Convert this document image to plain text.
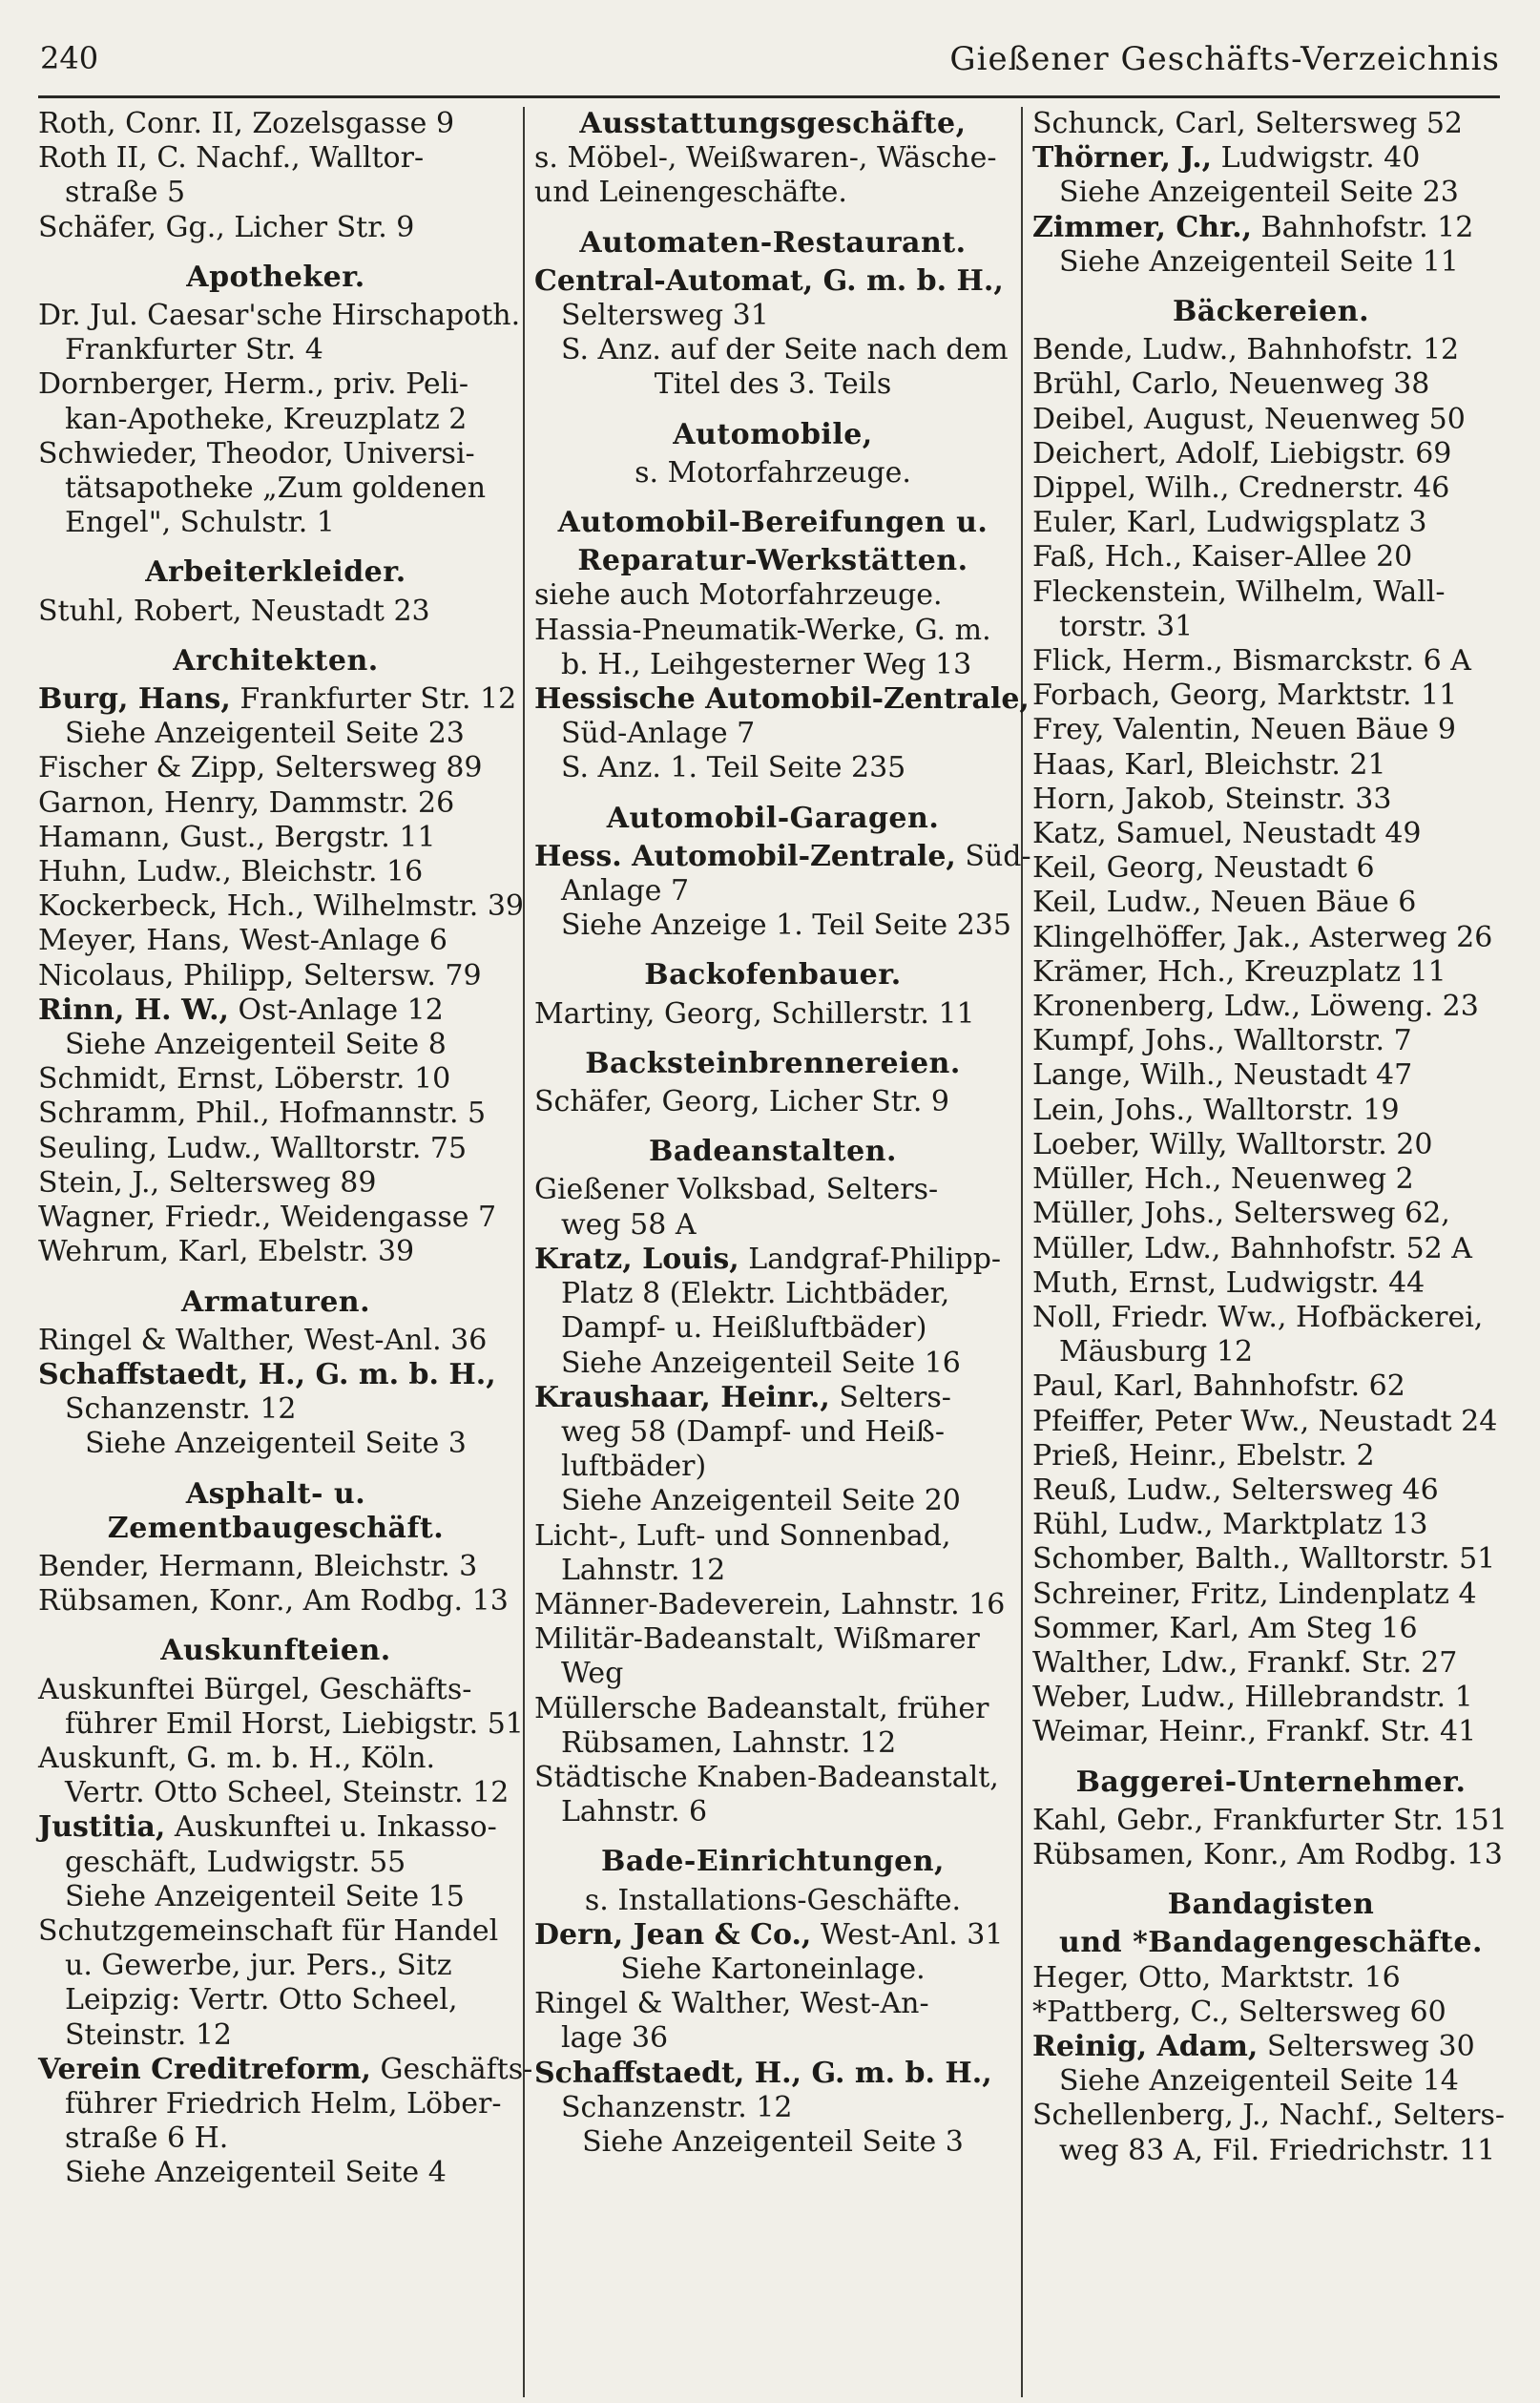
240	Gießener Geschäfts-Verzeichnis
Roth, Conr. II, Zozelsgasse 9
Roth II, C. Nachf., Walltor-
straße 5
Schäfer, Gg., Licher Str. 9
Apotheker.
Dr. Jul. Caesar'sche Hirschapoth.
Frankfurter Str. 4
Dornberger, Herm., priv. Peli-
kan-Apotheke, Kreuzplatz 2
Schwieder, Theodor, Universi-
tätsapotheke „Zum goldenen
Engel", Schulstr. 1
Arbeiterkleider.
Stuhl, Robert, Neustadt 23
Architekten.
Burg, Hans, Frankfurter Str. 12
Siehe Anzeigenteil Seite 23
Fischer & Zipp, Seltersweg 89
Garnon, Henry, Dammstr. 26
Hamann, Gust., Bergstr. 11
Huhn, Ludw., Bleichstr. 16
Kockerbeck, Hch., Wilhelmstr. 39
Meyer, Hans, West-Anlage 6
Nicolaus, Philipp, Seltersw. 79
Rinn, H. W., Ost-Anlage 12
Siehe Anzeigenteil Seite 8
Schmidt, Ernst, Löberstr. 10
Schramm, Phil., Hofmannstr. 5
Seuling, Ludw., Walltorstr. 75
Stein, J., Seltersweg 89
Wagner, Friedr., Weidengasse 7
Wehrum, Karl, Ebelstr. 39
Armaturen.
Ringel & Walther, West-Anl. 36
Schaffstaedt, H., G. m. b. H.,
Schanzenstr. 12
Siehe Anzeigenteil Seite 3
Asphalt- u. Zementbaugeschäft.
Bender, Hermann, Bleichstr. 3
Rübsamen, Konr., Am Rodbg. 13
Auskunfteien.
Auskunftei Bürgel, Geschäfts-
führer Emil Horst, Liebigstr. 51
Auskunft, G. m. b. H., Köln.
Vertr. Otto Scheel, Steinstr. 12
Justitia, Auskunftei u. Inkasso-
geschäft, Ludwigstr. 55
Siehe Anzeigenteil Seite 15
Schutzgemeinschaft für Handel
u. Gewerbe, jur. Pers., Sitz
Leipzig: Vertr. Otto Scheel,
Steinstr. 12
Verein Creditreform, Geschäfts-
führer Friedrich Helm, Löber-
straße 6 H.
Siehe Anzeigenteil Seite 4
Ausstattungsgeschäfte,
s. Möbel-, Weißwaren-, Wäsche-
und Leinengeschäfte.
Automaten-Restaurant.
Central-Automat, G. m. b. H.,
Seltersweg 31
S. Anz. auf der Seite nach dem
Titel des 3. Teils
Automobile,
s. Motorfahrzeuge.
Automobil-Bereifungen u.
Reparatur-Werkstätten.
siehe auch Motorfahrzeuge.
Hassia-Pneumatik-Werke, G. m.
b. H., Leihgesterner Weg 13
Hessische Automobil-Zentrale,
Süd-Anlage 7
S. Anz. 1. Teil Seite 235
Automobil-Garagen.
Hess. Automobil-Zentrale, Süd-
Anlage 7
Siehe Anzeige 1. Teil Seite 235
Backofenbauer.
Martiny, Georg, Schillerstr. 11
Backsteinbrennereien.
Schäfer, Georg, Licher Str. 9
Badeanstalten.
Gießener Volksbad, Selters-
weg 58 A
Kratz, Louis, Landgraf-Philipp-
Platz 8 (Elektr. Lichtbäder,
Dampf- u. Heißluftbäder)
Siehe Anzeigenteil Seite 16
Kraushaar, Heinr., Selters-
weg 58 (Dampf- und Heiß-
luftbäder)
Siehe Anzeigenteil Seite 20
Licht-, Luft- und Sonnenbad,
Lahnstr. 12
Männer-Badeverein, Lahnstr. 16
Militär-Badeanstalt, Wißmarer
Weg
Müllersche Badeanstalt, früher
Rübsamen, Lahnstr. 12
Städtische Knaben-Badeanstalt,
Lahnstr. 6
Bade-Einrichtungen,
s. Installations-Geschäfte.
Dern, Jean & Co., West-Anl. 31
Siehe Kartoneinlage.
Ringel & Walther, West-An-
lage 36
Schaffstaedt, H., G. m. b. H.,
Schanzenstr. 12
Siehe Anzeigenteil Seite 3
Schunck, Carl, Seltersweg 52
Thörner, J., Ludwigstr. 40
Siehe Anzeigenteil Seite 23
Zimmer, Chr., Bahnhofstr. 12
Siehe Anzeigenteil Seite 11
Bäckereien.
Bende, Ludw., Bahnhofstr. 12
Brühl, Carlo, Neuenweg 38
Deibel, August, Neuenweg 50
Deichert, Adolf, Liebigstr. 69
Dippel, Wilh., Crednerstr. 46
Euler, Karl, Ludwigsplatz 3
Faß, Hch., Kaiser-Allee 20
Fleckenstein, Wilhelm, Wall-
torstr. 31
Flick, Herm., Bismarckstr. 6 A
Forbach, Georg, Marktstr. 11
Frey, Valentin, Neuen Bäue 9
Haas, Karl, Bleichstr. 21
Horn, Jakob, Steinstr. 33
Katz, Samuel, Neustadt 49
Keil, Georg, Neustadt 6
Keil, Ludw., Neuen Bäue 6
Klingelhöffer, Jak., Asterweg 26
Krämer, Hch., Kreuzplatz 11
Kronenberg, Ldw., Löweng. 23
Kumpf, Johs., Walltorstr. 7
Lange, Wilh., Neustadt 47
Lein, Johs., Walltorstr. 19
Loeber, Willy, Walltorstr. 20
Müller, Hch., Neuenweg 2
Müller, Johs., Seltersweg 62,
Müller, Ldw., Bahnhofstr. 52 A
Muth, Ernst, Ludwigstr. 44
Noll, Friedr. Ww., Hofbäckerei,
Mäusburg 12
Paul, Karl, Bahnhofstr. 62
Pfeiffer, Peter Ww., Neustadt 24
Prieß, Heinr., Ebelstr. 2
Reuß, Ludw., Seltersweg 46
Rühl, Ludw., Marktplatz 13
Schomber, Balth., Walltorstr. 51
Schreiner, Fritz, Lindenplatz 4
Sommer, Karl, Am Steg 16
Walther, Ldw., Frankf. Str. 27
Weber, Ludw., Hillebrandstr. 1
Weimar, Heinr., Frankf. Str. 41
Baggerei-Unternehmer.
Kahl, Gebr., Frankfurter Str. 151
Rübsamen, Konr., Am Rodbg. 13
Bandagisten
und *Bandagengeschäfte.
Heger, Otto, Marktstr. 16
*Pattberg, C., Seltersweg 60
Reinig, Adam, Seltersweg 30
Siehe Anzeigenteil Seite 14
Schellenberg, J., Nachf., Selters-
weg 83 A, Fil. Friedrichstr. 11
